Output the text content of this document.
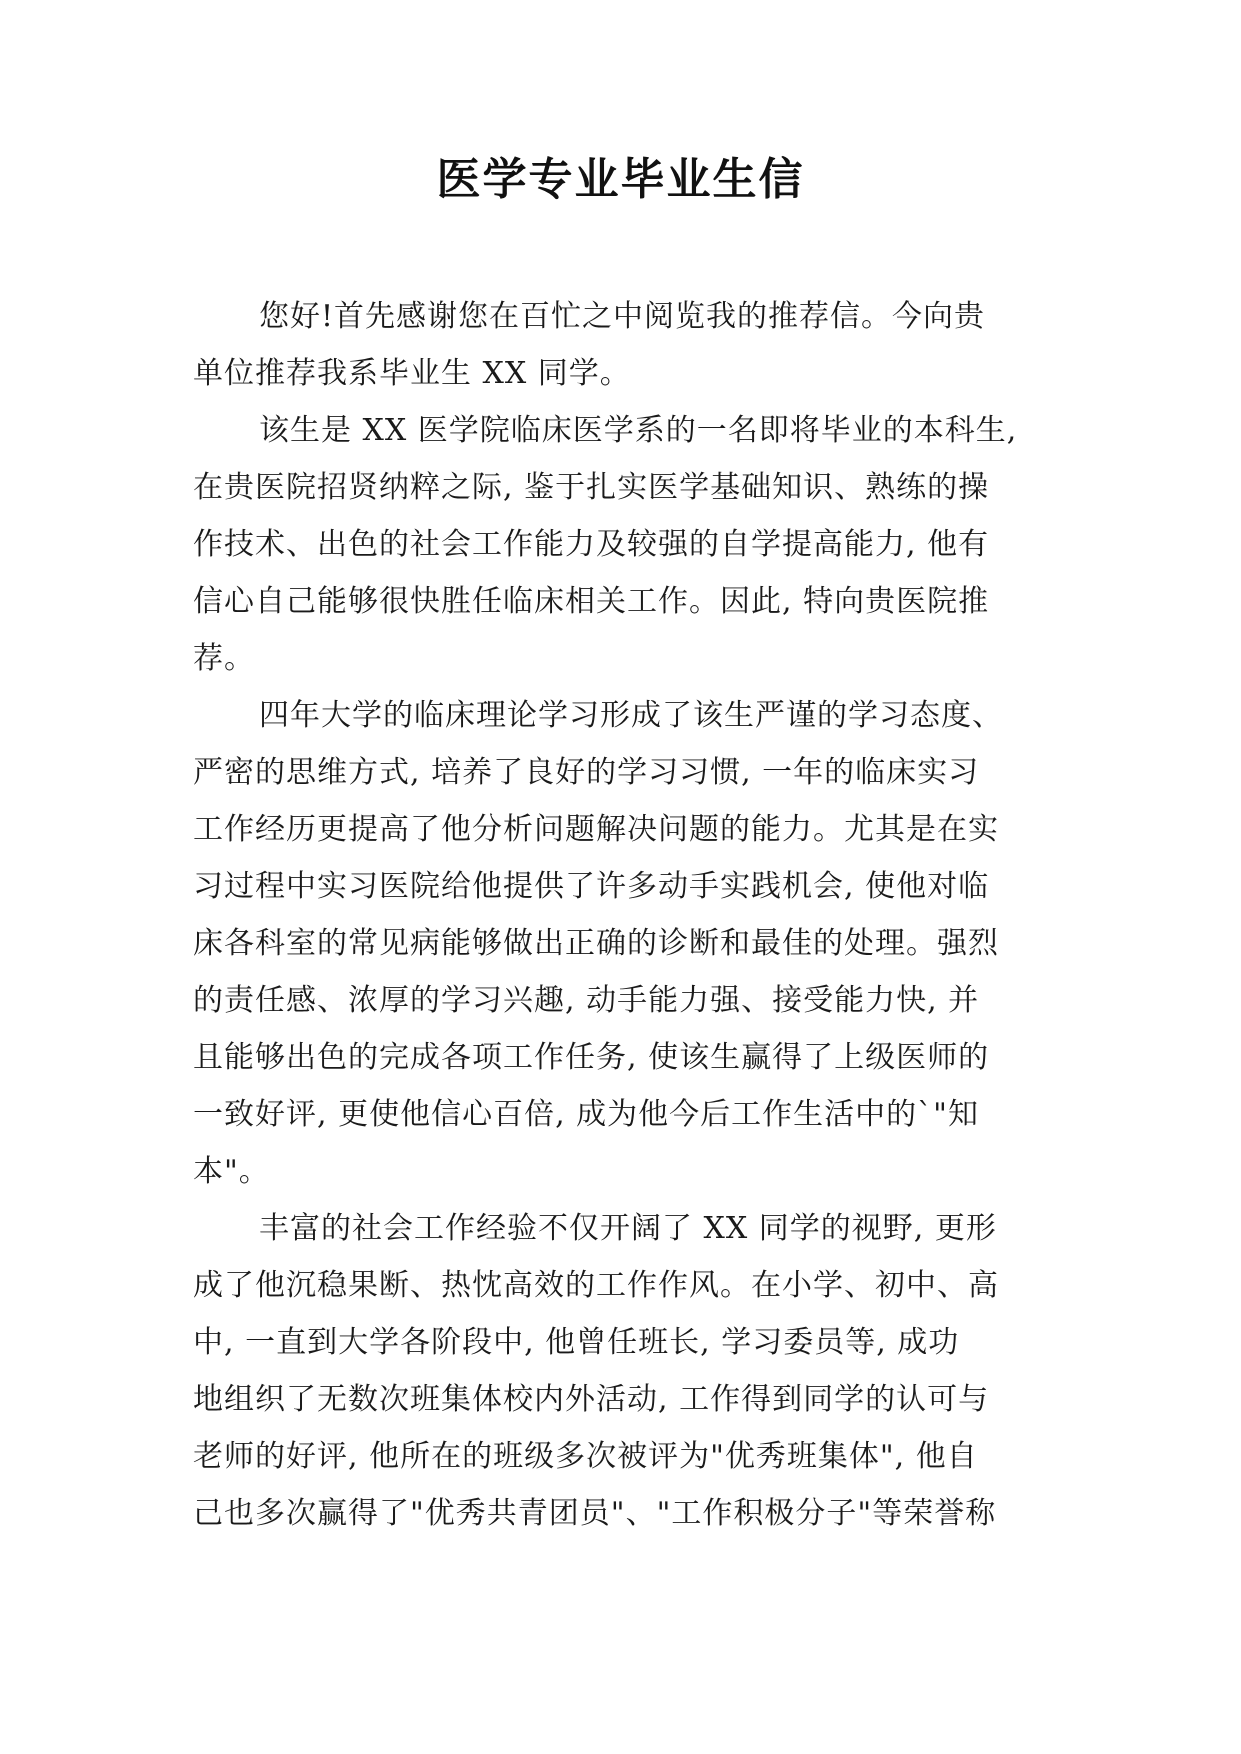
医学专业毕业生信
您好!首先感谢您在百忙之中阅览我的推荐信。今向贵
单位推荐我系毕业生 XX 同学。
该生是 XX 医学院临床医学系的一名即将毕业的本科生,
在贵医院招贤纳粹之际, 鉴于扎实医学基础知识、熟练的操
作技术、出色的社会工作能力及较强的自学提高能力, 他有
信心自己能够很快胜任临床相关工作。因此, 特向贵医院推
荐。
四年大学的临床理论学习形成了该生严谨的学习态度、
严密的思维方式, 培养了良好的学习习惯, 一年的临床实习
工作经历更提高了他分析问题解决问题的能力。尤其是在实
习过程中实习医院给他提供了许多动手实践机会, 使他对临
床各科室的常见病能够做出正确的诊断和最佳的处理。强烈
的责任感、浓厚的学习兴趣, 动手能力强、接受能力快, 并
且能够出色的完成各项工作任务, 使该生赢得了上级医师的
一致好评, 更使他信心百倍, 成为他今后工作生活中的`"知
本"。
丰富的社会工作经验不仅开阔了 XX 同学的视野, 更形
成了他沉稳果断、热忱高效的工作作风。在小学、初中、高
中, 一直到大学各阶段中, 他曾任班长, 学习委员等, 成功
地组织了无数次班集体校内外活动, 工作得到同学的认可与
老师的好评, 他所在的班级多次被评为"优秀班集体", 他自
己也多次赢得了"优秀共青团员"、"工作积极分子"等荣誉称
